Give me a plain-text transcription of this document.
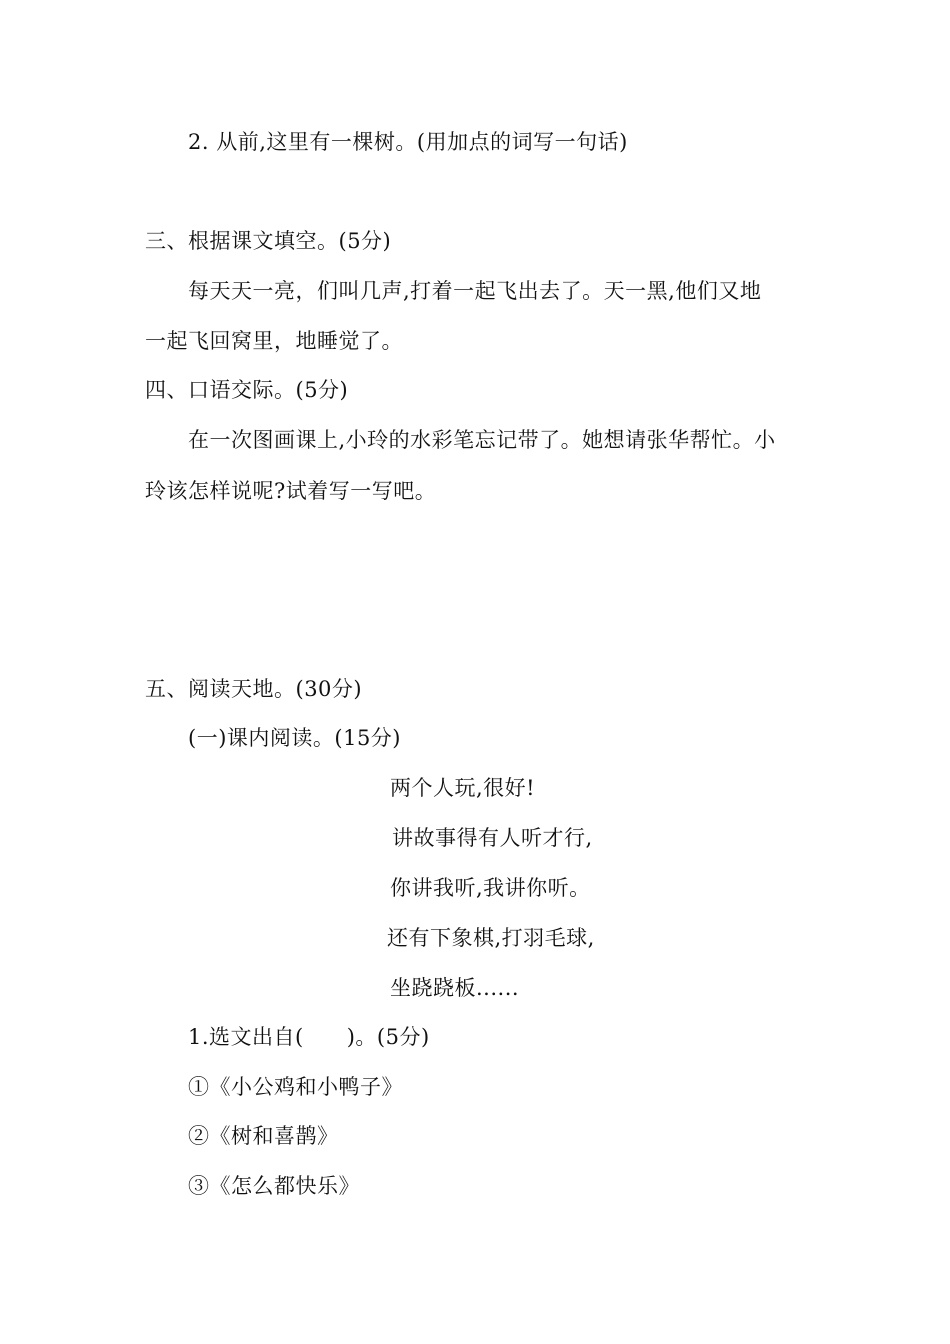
2. 从前,这里有一棵树。(用加点的词写一句话)
三、根据课文填空。(5分)
每天天一亮，们叫几声,打着一起飞出去了。天一黑,他们又地
一起飞回窝里，地睡觉了。
四、口语交际。(5分)
在一次图画课上,小玲的水彩笔忘记带了。她想请张华帮忙。小
玲该怎样说呢?试着写一写吧。
五、阅读天地。(30分)
(一)课内阅读。(15分)
两个人玩,很好!
讲故事得有人听才行,
你讲我听,我讲你听。
还有下象棋,打羽毛球,
坐跷跷板......
1.选文出自(　　)。(5分)
①《小公鸡和小鸭子》
②《树和喜鹊》
③《怎么都快乐》
